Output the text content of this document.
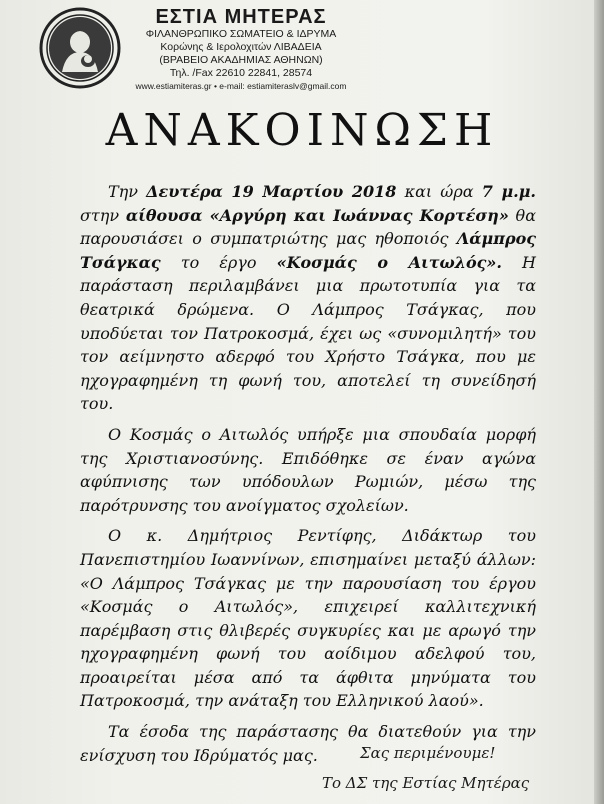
ΕΣΤΙΑ ΜΗΤΕΡΑΣ

ΦΙΛΑΝΘΡΩΠΙΚΟ ΣΩΜΑΤΕΙΟ & ΙΔΡΥΜΑ

Κορώνης & Ιερολοχιτών ΛΙΒΑΔΕΙΑ

(ΒΡΑΒΕΙΟ ΑΚΑΔΗΜΙΑΣ ΑΘΗΝΩΝ)

Τηλ. /Fax 22610 22841, 28574

www.estiamiteras.gr • e-mail: estiamiteraslv@gmail.com

ΑΝΑΚΟΙΝΩΣΗ

Την Δευτέρα 19 Μαρτίου 2018 και ώρα 7 μ.μ. στην αίθουσα «Αργύρη και Ιωάννας Κορτέση» θα παρουσιάσει ο συμπατριώτης μας ηθοποιός Λάμπρος Τσάγκας το έργο «Κοσμάς ο Αιτωλός». Η παράσταση περιλαμβάνει μια πρωτοτυπία για τα θεατρικά δρώμενα. Ο Λάμπρος Τσάγκας, που υποδύεται τον Πατροκοσμά, έχει ως «συνομιλητή» του τον αείμνηστο αδερφό του Χρήστο Τσάγκα, που με ηχογραφημένη τη φωνή του, αποτελεί τη συνείδησή του.

Ο Κοσμάς ο Αιτωλός υπήρξε μια σπουδαία μορφή της Χριστιανοσύνης. Επιδόθηκε σε έναν αγώνα αφύπνισης των υπόδουλων Ρωμιών, μέσω της παρότρυνσης του ανοίγματος σχολείων.

Ο κ. Δημήτριος Ρεντίφης, Διδάκτωρ του Πανεπιστημίου Ιωαννίνων, επισημαίνει μεταξύ άλλων: «Ο Λάμπρος Τσάγκας με την παρουσίαση του έργου «Κοσμάς ο Αιτωλός», επιχειρεί καλλιτεχνική παρέμβαση στις θλιβερές συγκυρίες και με αρωγό την ηχογραφημένη φωνή του αοίδιμου αδελφού του, προαιρείται μέσα από τα άφθιτα μηνύματα του Πατροκοσμά, την ανάταξη του Ελληνικού λαού».

Τα έσοδα της παράστασης θα διατεθούν για την ενίσχυση του Ιδρύματός μας.	Σας περιμένουμε!
Το ΔΣ της Εστίας Μητέρας
